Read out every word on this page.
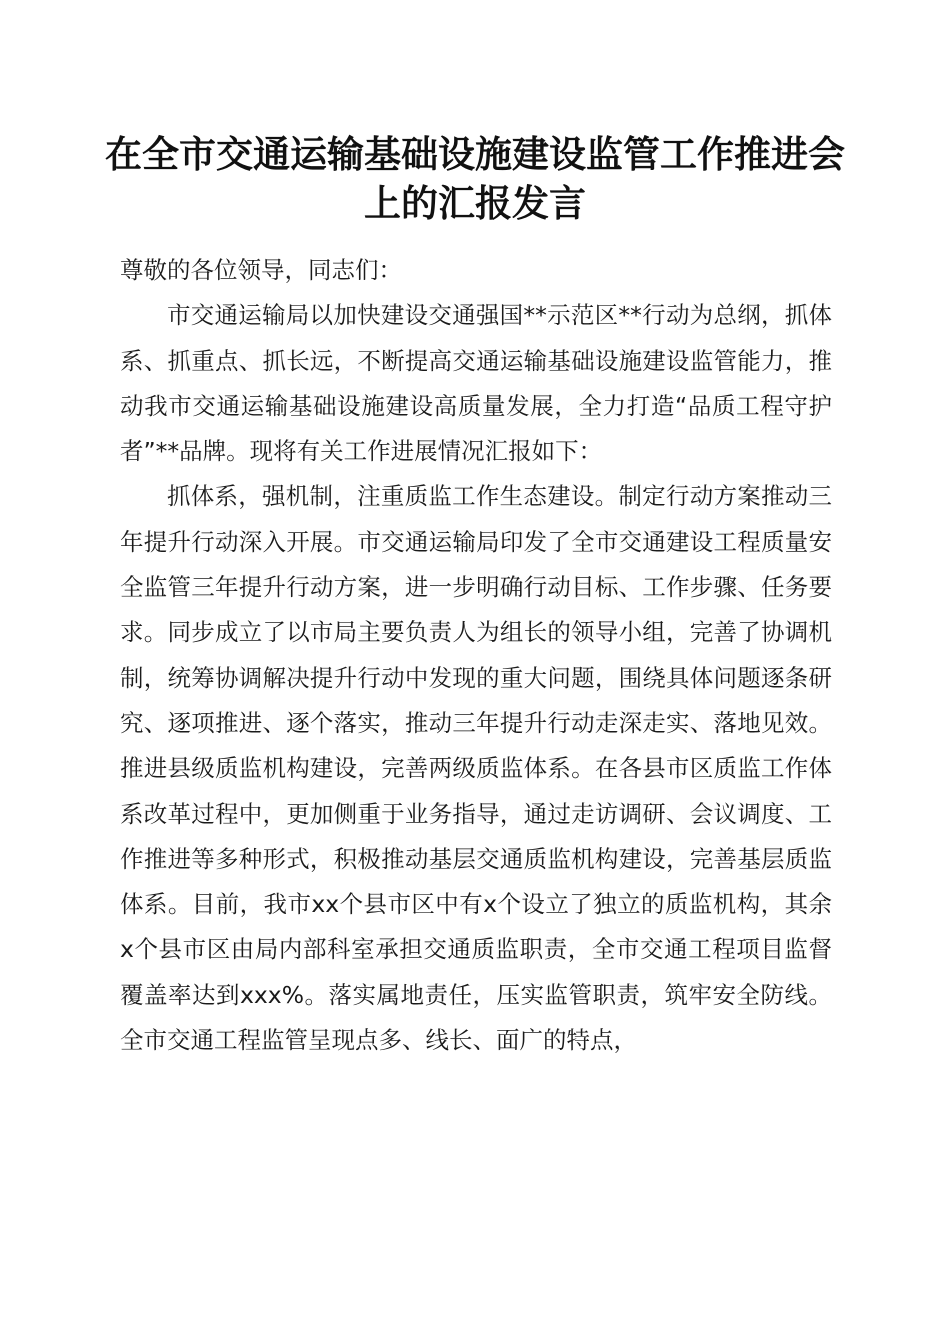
在全市交通运输基础设施建设监管工作推进会
上的汇报发言

尊敬的各位领导，同志们：

市交通运输局以加快建设交通强国**示范区**行动为总纲，抓体系、抓重点、抓长远，不断提高交通运输基础设施建设监管能力，推动我市交通运输基础设施建设高质量发展，全力打造“品质工程守护者”**品牌。现将有关工作进展情况汇报如下：

抓体系，强机制，注重质监工作生态建设。制定行动方案推动三年提升行动深入开展。市交通运输局印发了全市交通建设工程质量安全监管三年提升行动方案，进一步明确行动目标、工作步骤、任务要求。同步成立了以市局主要负责人为组长的领导小组，完善了协调机制，统筹协调解决提升行动中发现的重大问题，围绕具体问题逐条研究、逐项推进、逐个落实，推动三年提升行动走深走实、落地见效。推进县级质监机构建设，完善两级质监体系。在各县市区质监工作体系改革过程中，更加侧重于业务指导，通过走访调研、会议调度、工作推进等多种形式，积极推动基层交通质监机构建设，完善基层质监体系。目前，我市xx个县市区中有x个设立了独立的质监机构，其余x个县市区由局内部科室承担交通质监职责，全市交通工程项目监督覆盖率达到xxx%。落实属地责任，压实监管职责，筑牢安全防线。全市交通工程监管呈现点多、线长、面广的特点，
